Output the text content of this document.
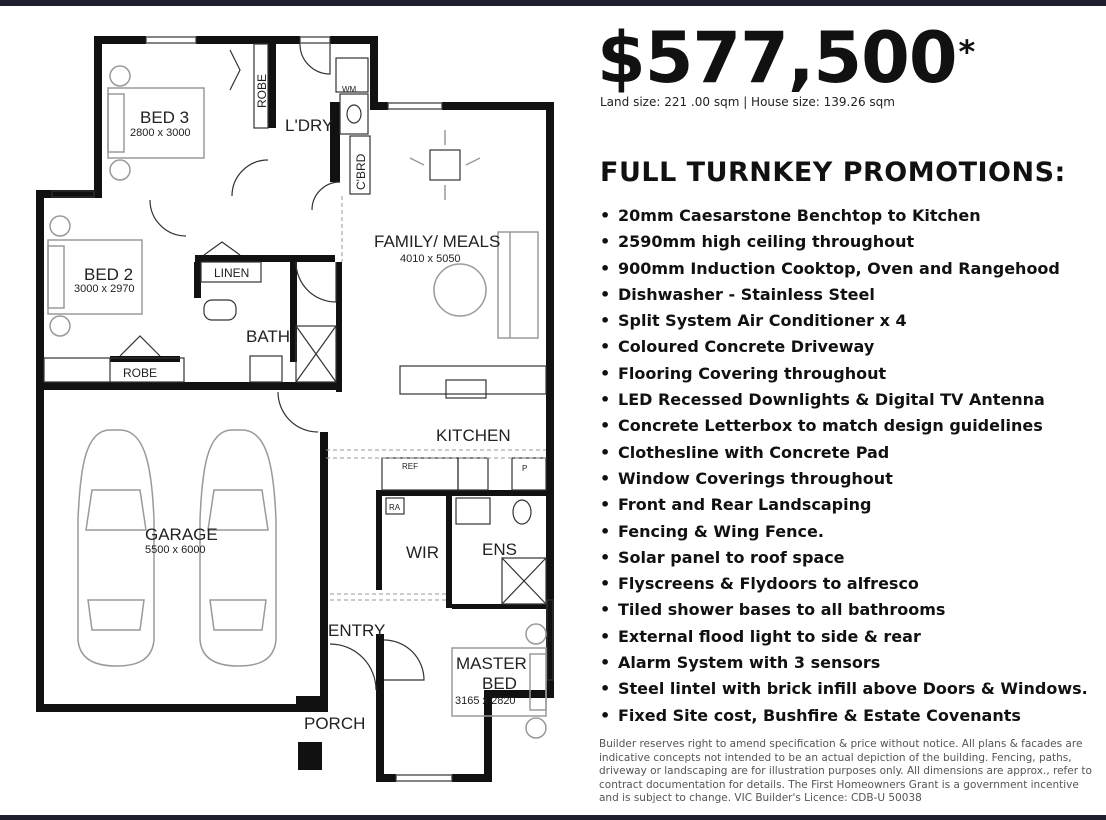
BED 3
2800 x 3000
ROBE
L'DRY
WM
C'BRD
BED 2
3000 x 2970
LINEN
ROBE
BATH
FAMILY/ MEALS
4010 x 5050
KITCHEN
REF	P
GARAGE
5500 x 6000
RA
WIR	ENS
ENTRY
MASTER
BED
3165 x 2820
PORCH
$577,500*
Land size: 221 .00 sqm | House size: 139.26 sqm
FULL TURNKEY PROMOTIONS:
• 20mm Caesarstone Benchtop to Kitchen
• 2590mm high ceiling throughout
• 900mm Induction Cooktop, Oven and Rangehood
• Dishwasher - Stainless Steel
• Split System Air Conditioner x 4
• Coloured Concrete Driveway
• Flooring Covering throughout
• LED Recessed Downlights & Digital TV Antenna
• Concrete Letterbox to match design guidelines
• Clothesline with Concrete Pad
• Window Coverings throughout
• Front and Rear Landscaping
• Fencing & Wing Fence.
• Solar panel to roof space
• Flyscreens & Flydoors to alfresco
• Tiled shower bases to all bathrooms
• External flood light to side & rear
• Alarm System with 3 sensors
• Steel lintel with brick infill above Doors & Windows.
• Fixed Site cost, Bushfire & Estate Covenants
Builder reserves right to amend specification & price without notice. All plans & facades are indicative concepts not intended to be an actual depiction of the building. Fencing, paths, driveway or landscaping are for illustration purposes only. All dimensions are approx., refer to contract documentation for details. The First Homeowners Grant is a government incentive and is subject to change. VIC Builder's Licence: CDB-U 50038
